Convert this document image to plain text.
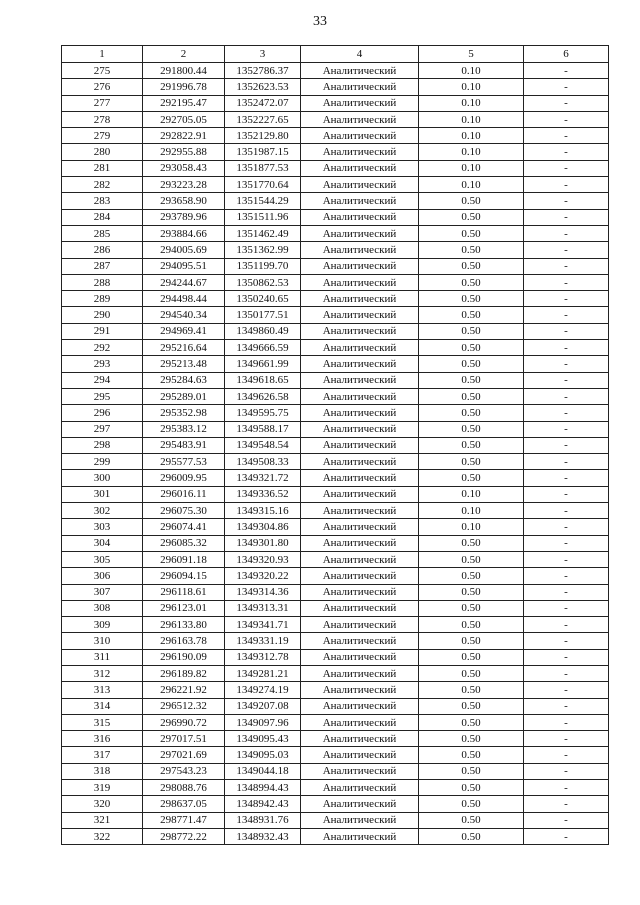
33
1	2	3	4	5	6
275	291800.44	1352786.37	Аналитический	0.10	-
276	291996.78	1352623.53	Аналитический	0.10	-
277	292195.47	1352472.07	Аналитический	0.10	-
278	292705.05	1352227.65	Аналитический	0.10	-
279	292822.91	1352129.80	Аналитический	0.10	-
280	292955.88	1351987.15	Аналитический	0.10	-
281	293058.43	1351877.53	Аналитический	0.10	-
282	293223.28	1351770.64	Аналитический	0.10	-
283	293658.90	1351544.29	Аналитический	0.50	-
284	293789.96	1351511.96	Аналитический	0.50	-
285	293884.66	1351462.49	Аналитический	0.50	-
286	294005.69	1351362.99	Аналитический	0.50	-
287	294095.51	1351199.70	Аналитический	0.50	-
288	294244.67	1350862.53	Аналитический	0.50	-
289	294498.44	1350240.65	Аналитический	0.50	-
290	294540.34	1350177.51	Аналитический	0.50	-
291	294969.41	1349860.49	Аналитический	0.50	-
292	295216.64	1349666.59	Аналитический	0.50	-
293	295213.48	1349661.99	Аналитический	0.50	-
294	295284.63	1349618.65	Аналитический	0.50	-
295	295289.01	1349626.58	Аналитический	0.50	-
296	295352.98	1349595.75	Аналитический	0.50	-
297	295383.12	1349588.17	Аналитический	0.50	-
298	295483.91	1349548.54	Аналитический	0.50	-
299	295577.53	1349508.33	Аналитический	0.50	-
300	296009.95	1349321.72	Аналитический	0.50	-
301	296016.11	1349336.52	Аналитический	0.10	-
302	296075.30	1349315.16	Аналитический	0.10	-
303	296074.41	1349304.86	Аналитический	0.10	-
304	296085.32	1349301.80	Аналитический	0.50	-
305	296091.18	1349320.93	Аналитический	0.50	-
306	296094.15	1349320.22	Аналитический	0.50	-
307	296118.61	1349314.36	Аналитический	0.50	-
308	296123.01	1349313.31	Аналитический	0.50	-
309	296133.80	1349341.71	Аналитический	0.50	-
310	296163.78	1349331.19	Аналитический	0.50	-
311	296190.09	1349312.78	Аналитический	0.50	-
312	296189.82	1349281.21	Аналитический	0.50	-
313	296221.92	1349274.19	Аналитический	0.50	-
314	296512.32	1349207.08	Аналитический	0.50	-
315	296990.72	1349097.96	Аналитический	0.50	-
316	297017.51	1349095.43	Аналитический	0.50	-
317	297021.69	1349095.03	Аналитический	0.50	-
318	297543.23	1349044.18	Аналитический	0.50	-
319	298088.76	1348994.43	Аналитический	0.50	-
320	298637.05	1348942.43	Аналитический	0.50	-
321	298771.47	1348931.76	Аналитический	0.50	-
322	298772.22	1348932.43	Аналитический	0.50	-
